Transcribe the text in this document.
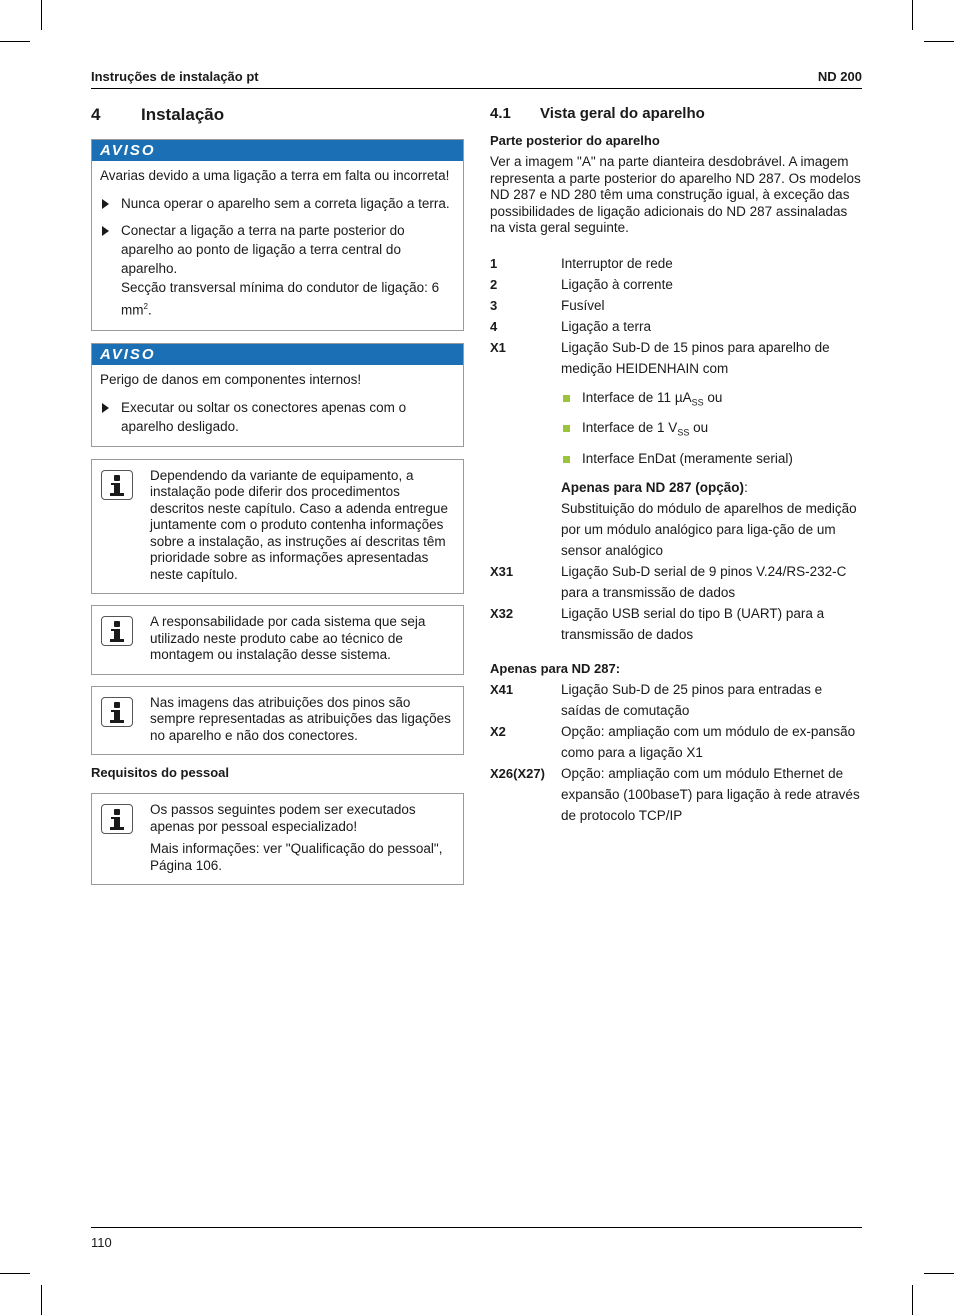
Instruções de instalação pt	ND 200
4 Instalação
AVISO

Avarias devido a uma ligação a terra em falta ou incorreta!

Nunca operar o aparelho sem a correta ligação a terra.
Conectar a ligação a terra na parte posterior do aparelho ao ponto de ligação a terra central do aparelho.
Secção transversal mínima do condutor de ligação: 6 $mm^2$.
AVISO

Perigo de danos em componentes internos!

Executar ou soltar os conectores apenas com o aparelho desligado.

Dependendo da variante de equipamento, a instalação pode diferir dos procedimentos descritos neste capítulo. Caso a adenda entregue juntamente com o produto contenha informações sobre a instalação, as instruções aí descritas têm prioridade sobre as informações apresentadas neste capítulo.

A responsabilidade por cada sistema que seja utilizado neste produto cabe ao técnico de montagem ou instalação desse sistema.

Nas imagens das atribuições dos pinos são sempre representadas as atribuições das ligações no aparelho e não dos conectores.

Requisitos do pessoal

Os passos seguintes podem ser executados apenas por pessoal especializado!

Mais informações: ver "Qualificação do pessoal", Página 106.

4.1 Vista geral do aparelho

Parte posterior do aparelho

Ver a imagem "A" na parte dianteira desdobrável. A imagem representa a parte posterior do aparelho ND 287. Os modelos ND 287 e ND 280 têm uma construção igual, à exceção das possibilidades de ligação adicionais do ND 287 assinaladas na vista geral seguinte.

1	Interruptor de rede
2	Ligação à corrente
3	Fusível
4	Ligação a terra
X1	Ligação Sub-D de 15 pinos para aparelho de medição HEIDENHAIN com
Interface de 11 µA$_{SS}$ ou
Interface de 1 $V_{SS}$ ou
Interface EnDat (meramente serial)
Apenas para ND 287 (opção):
Substituição do módulo de aparelhos de medição por um módulo analógico para liga-ção de um sensor analógico
X31	Ligação Sub-D serial de 9 pinos V.24/RS-232-C para a transmissão de dados
X32	Ligação USB serial do tipo B (UART) para a transmissão de dados

Apenas para ND 287:

X41	Ligação Sub-D de 25 pinos para entradas e saídas de comutação
X2	Opção: ampliação com um módulo de ex-pansão como para a ligação X1
X26(X27) Opção: ampliação com um módulo Ethernet de expansão (100baseT) para ligação à rede através de protocolo TCP/IP
110
